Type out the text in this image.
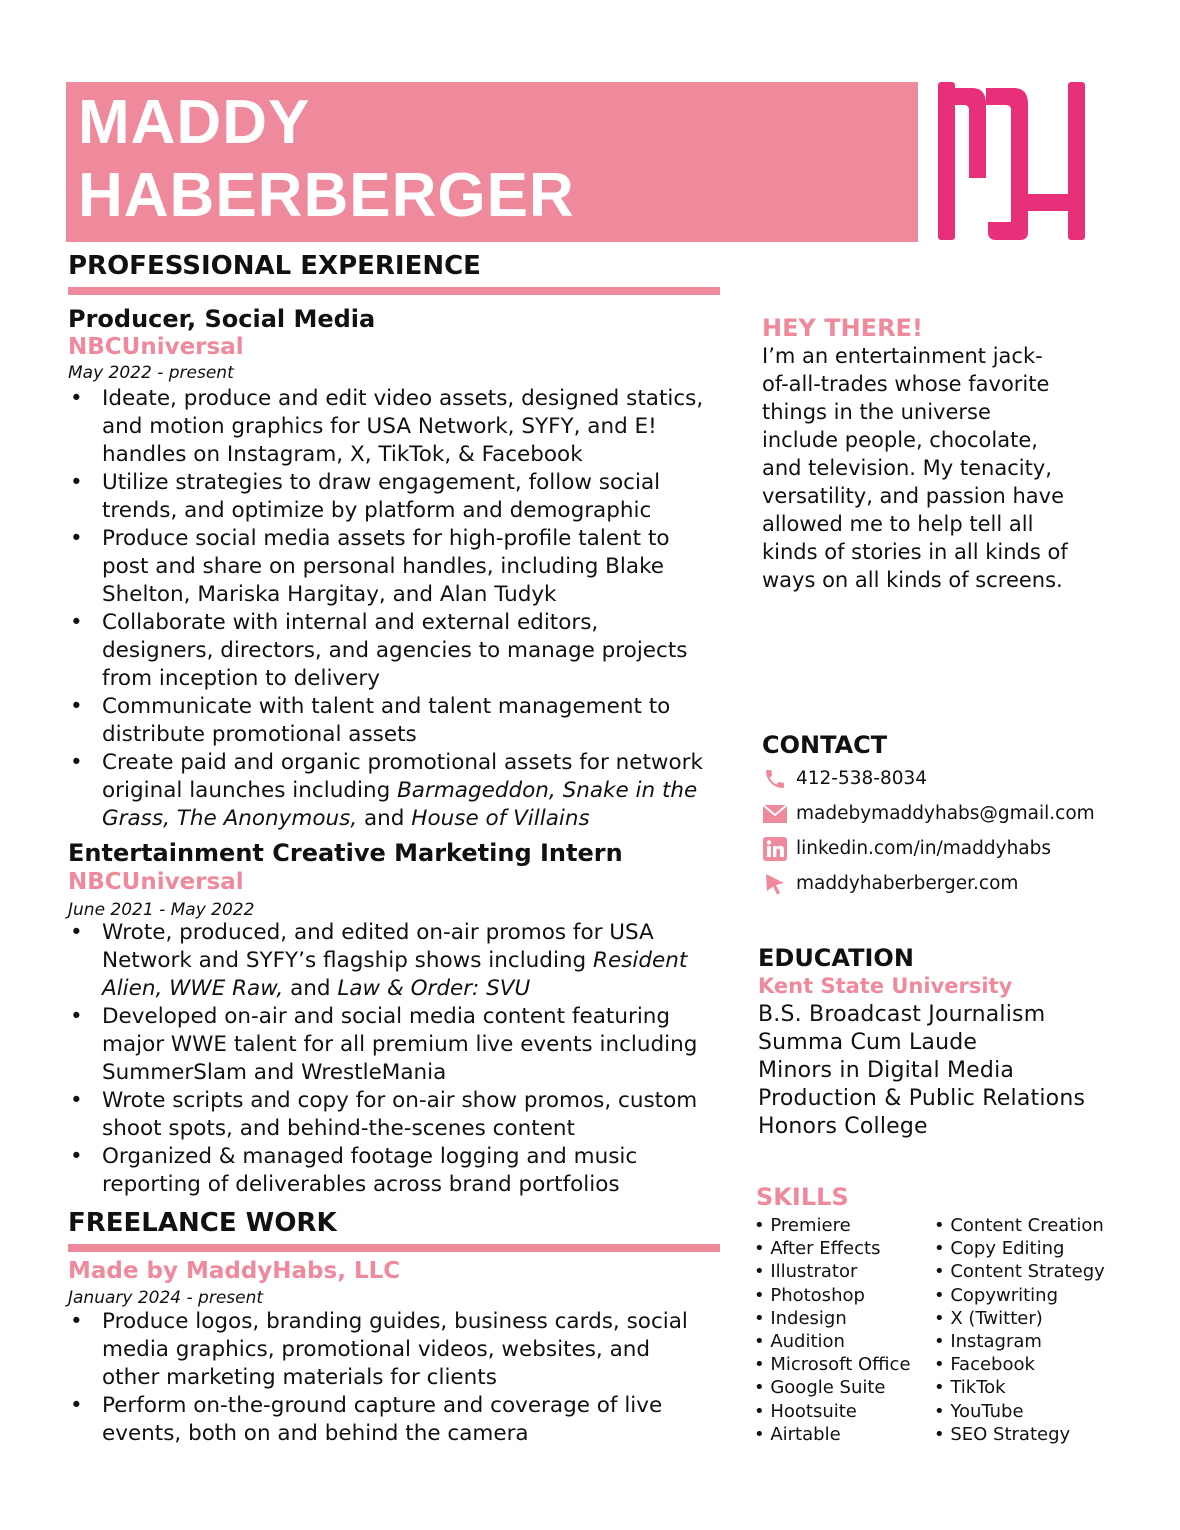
MADDY
HABERBERGER
PROFESSIONAL EXPERIENCE
Producer, Social Media
NBCUniversal
May 2022 - present
• Ideate, produce and edit video assets, designed statics,
and motion graphics for USA Network, SYFY, and E!
handles on Instagram, X, TikTok, & Facebook
• Utilize strategies to draw engagement, follow social
trends, and optimize by platform and demographic
• Produce social media assets for high-profile talent to
post and share on personal handles, including Blake
Shelton, Mariska Hargitay, and Alan Tudyk
• Collaborate with internal and external editors,
designers, directors, and agencies to manage projects
from inception to delivery
• Communicate with talent and talent management to
distribute promotional assets
• Create paid and organic promotional assets for network
original launches including Barmageddon, Snake in the
Grass, The Anonymous, and House of Villains
Entertainment Creative Marketing Intern
NBCUniversal
June 2021 - May 2022
• Wrote, produced, and edited on-air promos for USA
Network and SYFY’s flagship shows including Resident
Alien, WWE Raw, and Law & Order: SVU
• Developed on-air and social media content featuring
major WWE talent for all premium live events including
SummerSlam and WrestleMania
• Wrote scripts and copy for on-air show promos, custom
shoot spots, and behind-the-scenes content
• Organized & managed footage logging and music
reporting of deliverables across brand portfolios
FREELANCE WORK
Made by MaddyHabs, LLC
January 2024 - present
• Produce logos, branding guides, business cards, social
media graphics, promotional videos, websites, and
other marketing materials for clients
• Perform on-the-ground capture and coverage of live
events, both on and behind the camera
HEY THERE!
I’m an entertainment jack-
of-all-trades whose favorite
things in the universe
include people, chocolate,
and television. My tenacity,
versatility, and passion have
allowed me to help tell all
kinds of stories in all kinds of
ways on all kinds of screens.
CONTACT
412-538-8034
madebymaddyhabs@gmail.com
linkedin.com/in/maddyhabs
maddyhaberberger.com
EDUCATION
Kent State University
B.S. Broadcast Journalism
Summa Cum Laude
Minors in Digital Media
Production & Public Relations
Honors College
SKILLS
• Premiere
• After Effects
• Illustrator
• Photoshop
• Indesign
• Audition
• Microsoft Office
• Google Suite
• Hootsuite
• Airtable
• Content Creation
• Copy Editing
• Content Strategy
• Copywriting
• X (Twitter)
• Instagram
• Facebook
• TikTok
• YouTube
• SEO Strategy
